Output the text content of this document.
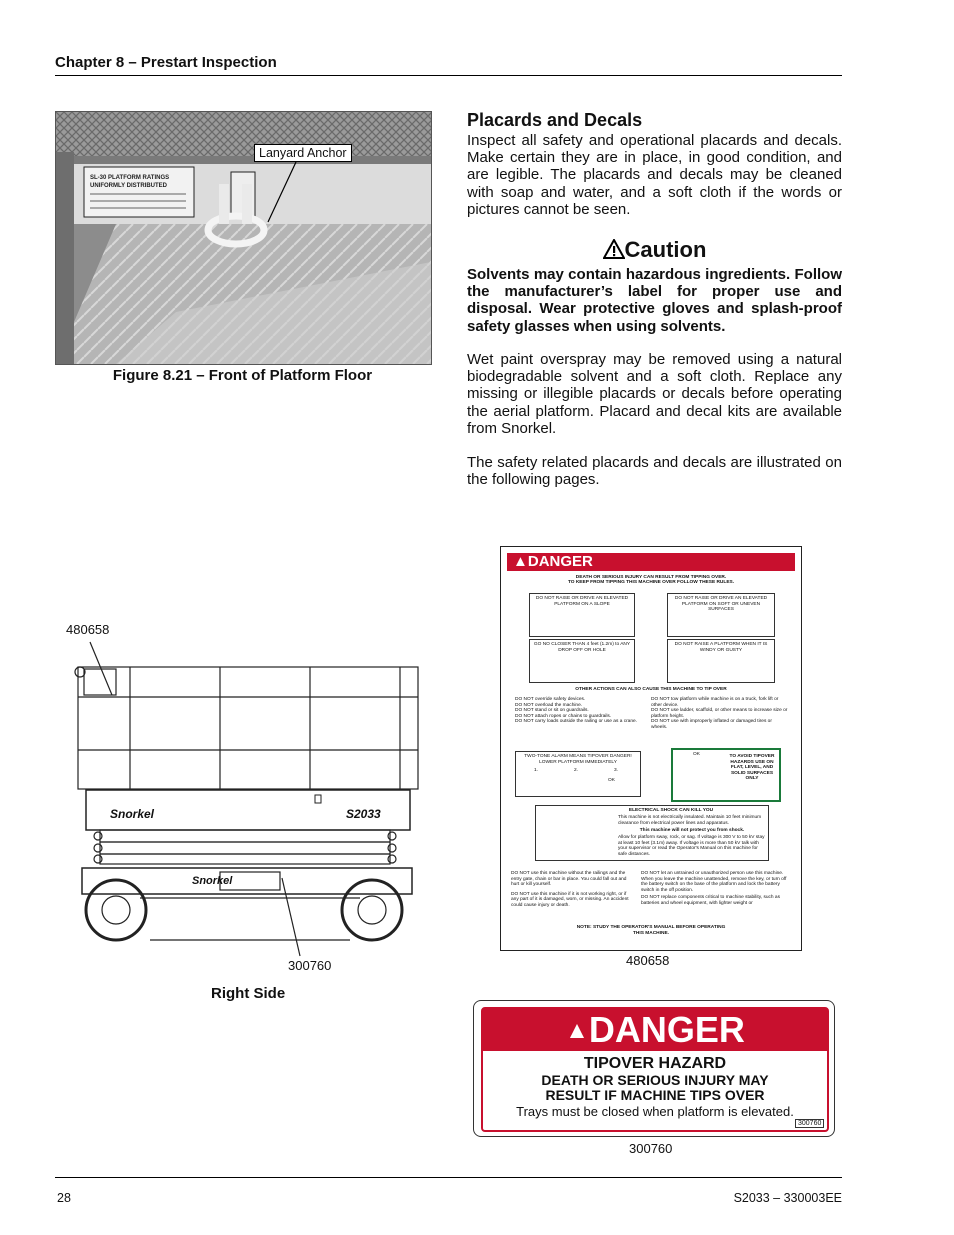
Chapter 8 – Prestart Inspection
SL-30 PLATFORM RATINGS
UNIFORMLY DISTRIBUTED
Lanyard Anchor
Figure 8.21 – Front of Platform Floor
Placards and Decals
Inspect all safety and operational placards and decals. Make certain they are in place, in good condition, and are legible. The placards and decals may be cleaned with soap and water, and a soft cloth if the words or pictures cannot be seen.
Caution
Solvents may contain hazardous ingredients. Follow the manufacturer’s label for proper use and disposal. Wear protective gloves and splash-proof safety glasses when using solvents.
Wet paint overspray may be removed using a natural biodegradable solvent and a soft cloth. Replace any missing or illegible placards or decals before operating the aerial platform. Placard and decal kits are available from Snorkel.
The safety related placards and decals are illustrated on the following pages.
480658
300760
Snorkel	S2033
Snorkel
Right Side
▲DANGER
DEATH OR SERIOUS INJURY CAN RESULT FROM TIPPING OVER.
TO KEEP FROM TIPPING THIS MACHINE OVER FOLLOW THESE RULES.
DO NOT RAISE OR DRIVE AN ELEVATED PLATFORM ON A SLOPE
DO NOT RAISE OR DRIVE AN ELEVATED PLATFORM ON SOFT OR UNEVEN SURFACES
GO NO CLOSER THAN 4 feet (1.2m) to ANY DROP OFF OR HOLE
DO NOT RAISE A PLATFORM WHEN IT IS WINDY OR GUSTY
OTHER ACTIONS CAN ALSO CAUSE THIS MACHINE TO TIP OVER
DO NOT override safety devices.
DO NOT overload the machine.
DO NOT stand or sit on guardrails.
DO NOT attach ropes or chains to guardrails.
DO NOT carry loads outside the railing or use as a crane.
DO NOT tow platform while machine is on a truck, fork lift or other device.
DO NOT use ladder, scaffold, or other means to increase size or platform height.
DO NOT use with improperly inflated or damaged tires or wheels.
TWO-TONE ALARM MEANS TIPOVER DANGER! LOWER PLATFORM IMMEDIATELY
1.	2.	3.
OK
OK	TO AVOID TIPOVER HAZARDS USE ON FLAT, LEVEL, AND SOLID SURFACES ONLY
ELECTRICAL SHOCK CAN KILL YOU
This machine is not electrically insulated. Maintain 10 feet minimum clearance from electrical power lines and apparatus.
This machine will not protect you from shock.
Allow for platform sway, rock, or sag. If voltage is 300 V to 50 kV stay at least 10 feet (3.1m) away. If voltage is more than 50 kV talk with your supervisor or read the Operator's Manual on this machine for safe distances.
DO NOT use this machine without the railings and the entry gate, chain or bar in place. You could fall out and hurt or kill yourself.
DO NOT use this machine if it is not working right, or if any part of it is damaged, worn, or missing. An accident could cause injury or death.
DO NOT let an untrained or unauthorized person use this machine. When you leave the machine unattended, remove the key, or turn off the battery switch on the base of the platform and lock the battery switch in the off position.
DO NOT replace components critical to machine stability, such as batteries and wheel equipment, with lighter weight or
NOTE: STUDY THE OPERATOR'S MANUAL BEFORE OPERATING THIS MACHINE.
480658
▲DANGER
TIPOVER HAZARD
DEATH OR SERIOUS INJURY MAY
RESULT IF MACHINE TIPS OVER
Trays must be closed when platform is elevated.
300760
300760
28	S2033 – 330003EE
